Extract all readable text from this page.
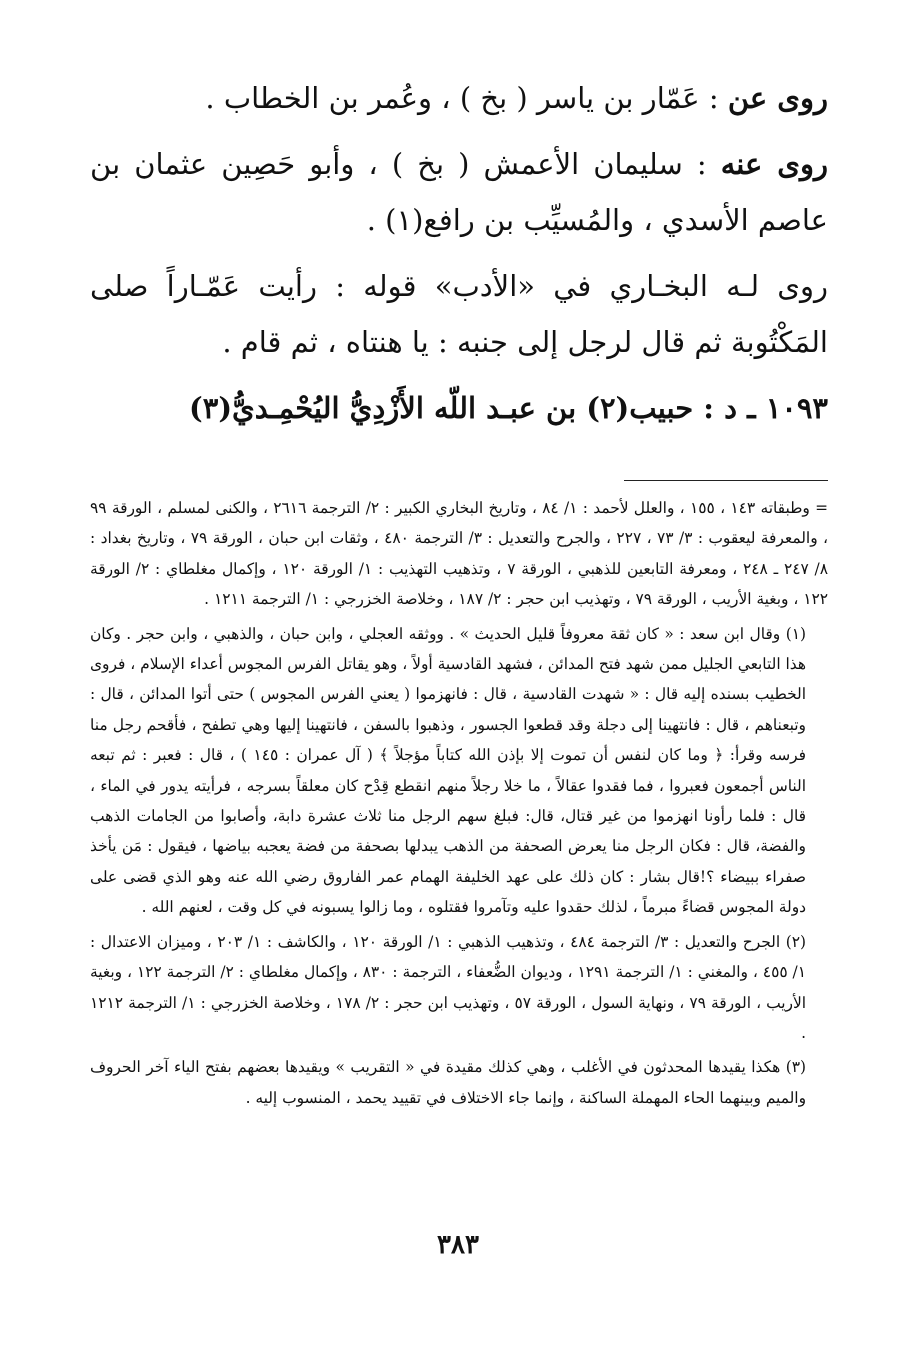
روى عن : عَمّار بن ياسر ( بخ ) ، وعُمر بن الخطاب .

روى عنه : سليمان الأعمش ( بخ ) ، وأبو حَصِين عثمان بن عاصم الأسدي ، والمُسيِّب بن رافع(١) .

روى لـه البخـاري في «الأدب» قوله : رأيت عَمّـاراً صلى المَكْتُوبة ثم قال لرجل إلى جنبه : يا هنتاه ، ثم قام .

١٠٩٣ ـ د : حبيب(٢) بن عبـد اللّه الأَزْدِيُّ اليُحْمِـديُّ(٣)

= وطبقاته ١٤٣ ، ١٥٥ ، والعلل لأحمد : ١/ ٨٤ ، وتاريخ البخاري الكبير : ٢/ الترجمة ٢٦١٦ ، والكنى لمسلم ، الورقة ٩٩ ، والمعرفة ليعقوب : ٣/ ٧٣ ، ٢٢٧ ، والجرح والتعديل : ٣/ الترجمة ٤٨٠ ، وثقات ابن حبان ، الورقة ٧٩ ، وتاريخ بغداد : ٨/ ٢٤٧ ـ ٢٤٨ ، ومعرفة التابعين للذهبي ، الورقة ٧ ، وتذهيب التهذيب : ١/ الورقة ١٢٠ ، وإكمال مغلطاي : ٢/ الورقة ١٢٢ ، وبغية الأريب ، الورقة ٧٩ ، وتهذيب ابن حجر : ٢/ ١٨٧ ، وخلاصة الخزرجي : ١/ الترجمة ١٢١١ .

(١) وقال ابن سعد : « كان ثقة معروفاً قليل الحديث » . ووثقه العجلي ، وابن حبان ، والذهبي ، وابن حجر . وكان هذا التابعي الجليل ممن شهد فتح المدائن ، فشهد القادسية أولاً ، وهو يقاتل الفرس المجوس أعداء الإسلام ، فروى الخطيب بسنده إليه قال : « شهدت القادسية ، قال : فانهزموا ( يعني الفرس المجوس ) حتى أتوا المدائن ، قال : وتبعناهم ، قال : فانتهينا إلى دجلة وقد قطعوا الجسور ، وذهبوا بالسفن ، فانتهينا إليها وهي تطفح ، فأقحم رجل منا فرسه وقرأ: ﴿ وما كان لنفس أن تموت إلا بإذن الله كتاباً مؤجلاً ﴾ ( آل عمران : ١٤٥ ) ، قال : فعبر : ثم تبعه الناس أجمعون فعبروا ، فما فقدوا عقالاً ، ما خلا رجلاً منهم انقطع قِدْح كان معلقاً بسرجه ، فرأيته يدور في الماء ، قال : فلما رأونا انهزموا من غير قتال، قال: فبلغ سهم الرجل منا ثلاث عشرة دابة، وأصابوا من الجامات الذهب والفضة، قال : فكان الرجل منا يعرض الصحفة من الذهب يبدلها بصحفة من فضة يعجبه بياضها ، فيقول : مَن يأخذ صفراء ببيضاء ؟!قال بشار : كان ذلك على عهد الخليفة الهمام عمر الفاروق رضي الله عنه وهو الذي قضى على دولة المجوس قضاءً مبرماً ، لذلك حقدوا عليه وتآمروا فقتلوه ، وما زالوا يسبونه في كل وقت ، لعنهم الله .

(٢) الجرح والتعديل : ٣/ الترجمة ٤٨٤ ، وتذهيب الذهبي : ١/ الورقة ١٢٠ ، والكاشف : ١/ ٢٠٣ ، وميزان الاعتدال : ١/ ٤٥٥ ، والمغني : ١/ الترجمة ١٢٩١ ، وديوان الضُّعفاء ، الترجمة : ٨٣٠ ، وإكمال مغلطاي : ٢/ الترجمة ١٢٢ ، وبغية الأريب ، الورقة ٧٩ ، ونهاية السول ، الورقة ٥٧ ، وتهذيب ابن حجر : ٢/ ١٧٨ ، وخلاصة الخزرجي : ١/ الترجمة ١٢١٢ .

(٣) هكذا يقيدها المحدثون في الأغلب ، وهي كذلك مقيدة في « التقريب » ويقيدها بعضهم بفتح الياء آخر الحروف والميم وبينهما الحاء المهملة الساكنة ، وإنما جاء الاختلاف في تقييد يحمد ، المنسوب إليه .

٣٨٣
